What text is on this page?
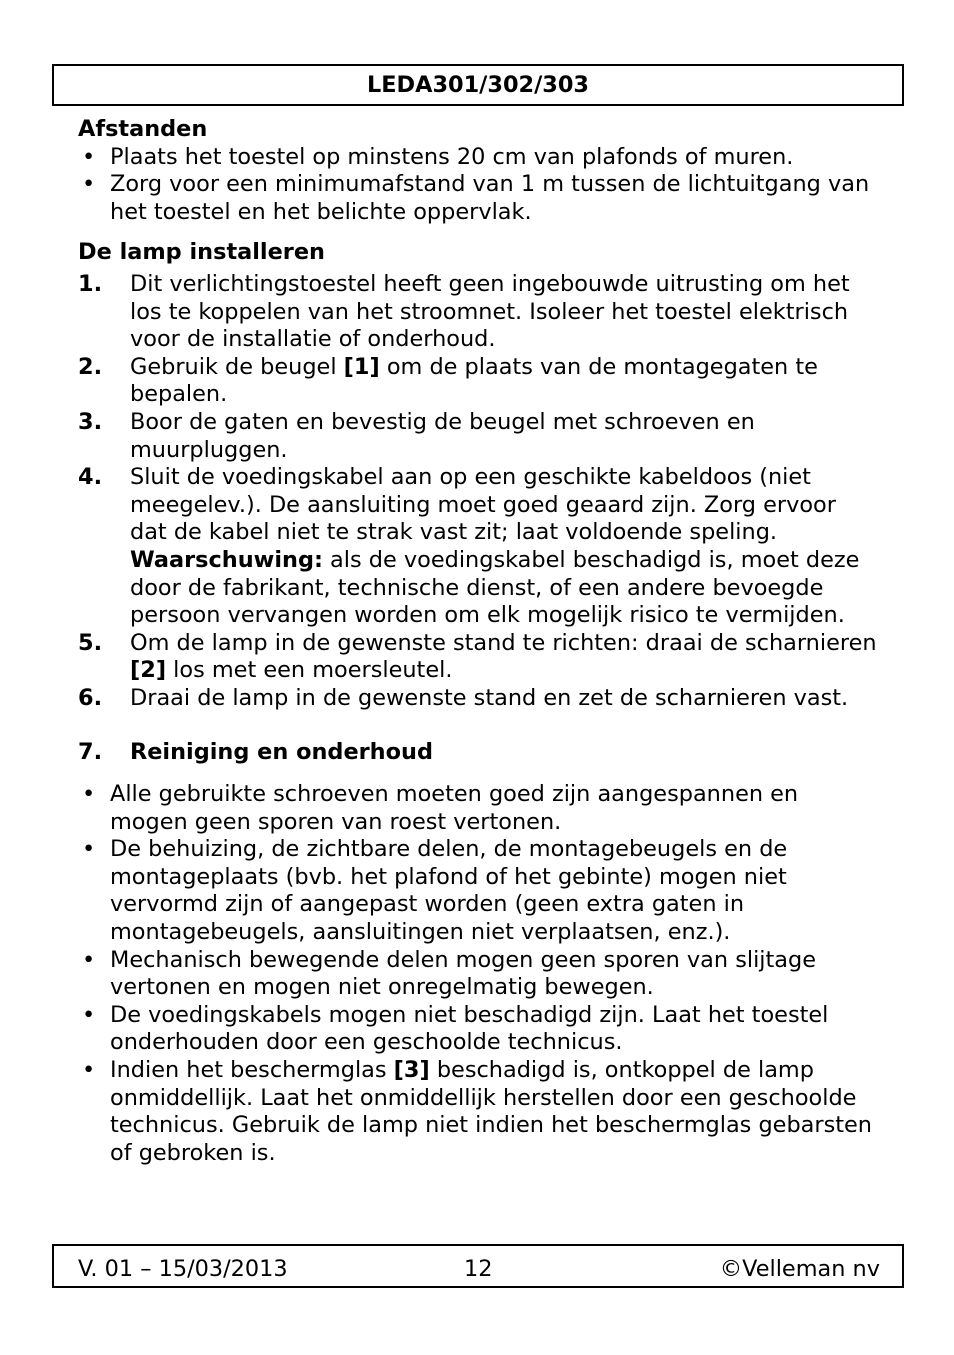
LEDA301/302/303
Afstanden
• Plaats het toestel op minstens 20 cm van plafonds of muren.
• Zorg voor een minimumafstand van 1 m tussen de lichtuitgang van het toestel en het belichte oppervlak.
De lamp installeren
1. Dit verlichtingstoestel heeft geen ingebouwde uitrusting om het los te koppelen van het stroomnet. Isoleer het toestel elektrisch voor de installatie of onderhoud.
2. Gebruik de beugel [1] om de plaats van de montagegaten te bepalen.
3. Boor de gaten en bevestig de beugel met schroeven en muurpluggen.
4. Sluit de voedingskabel aan op een geschikte kabeldoos (niet meegelev.). De aansluiting moet goed geaard zijn. Zorg ervoor dat de kabel niet te strak vast zit; laat voldoende speling.
Waarschuwing: als de voedingskabel beschadigd is, moet deze door de fabrikant, technische dienst, of een andere bevoegde persoon vervangen worden om elk mogelijk risico te vermijden.
5. Om de lamp in de gewenste stand te richten: draai de scharnieren [2] los met een moersleutel.
6. Draai de lamp in de gewenste stand en zet de scharnieren vast.
7. Reiniging en onderhoud
• Alle gebruikte schroeven moeten goed zijn aangespannen en mogen geen sporen van roest vertonen.
• De behuizing, de zichtbare delen, de montagebeugels en de montageplaats (bvb. het plafond of het gebinte) mogen niet vervormd zijn of aangepast worden (geen extra gaten in montagebeugels, aansluitingen niet verplaatsen, enz.).
• Mechanisch bewegende delen mogen geen sporen van slijtage vertonen en mogen niet onregelmatig bewegen.
• De voedingskabels mogen niet beschadigd zijn. Laat het toestel onderhouden door een geschoolde technicus.
• Indien het beschermglas [3] beschadigd is, ontkoppel de lamp onmiddellijk. Laat het onmiddellijk herstellen door een geschoolde technicus. Gebruik de lamp niet indien het beschermglas gebarsten of gebroken is.
V. 01 – 15/03/2013	12	©Velleman nv
